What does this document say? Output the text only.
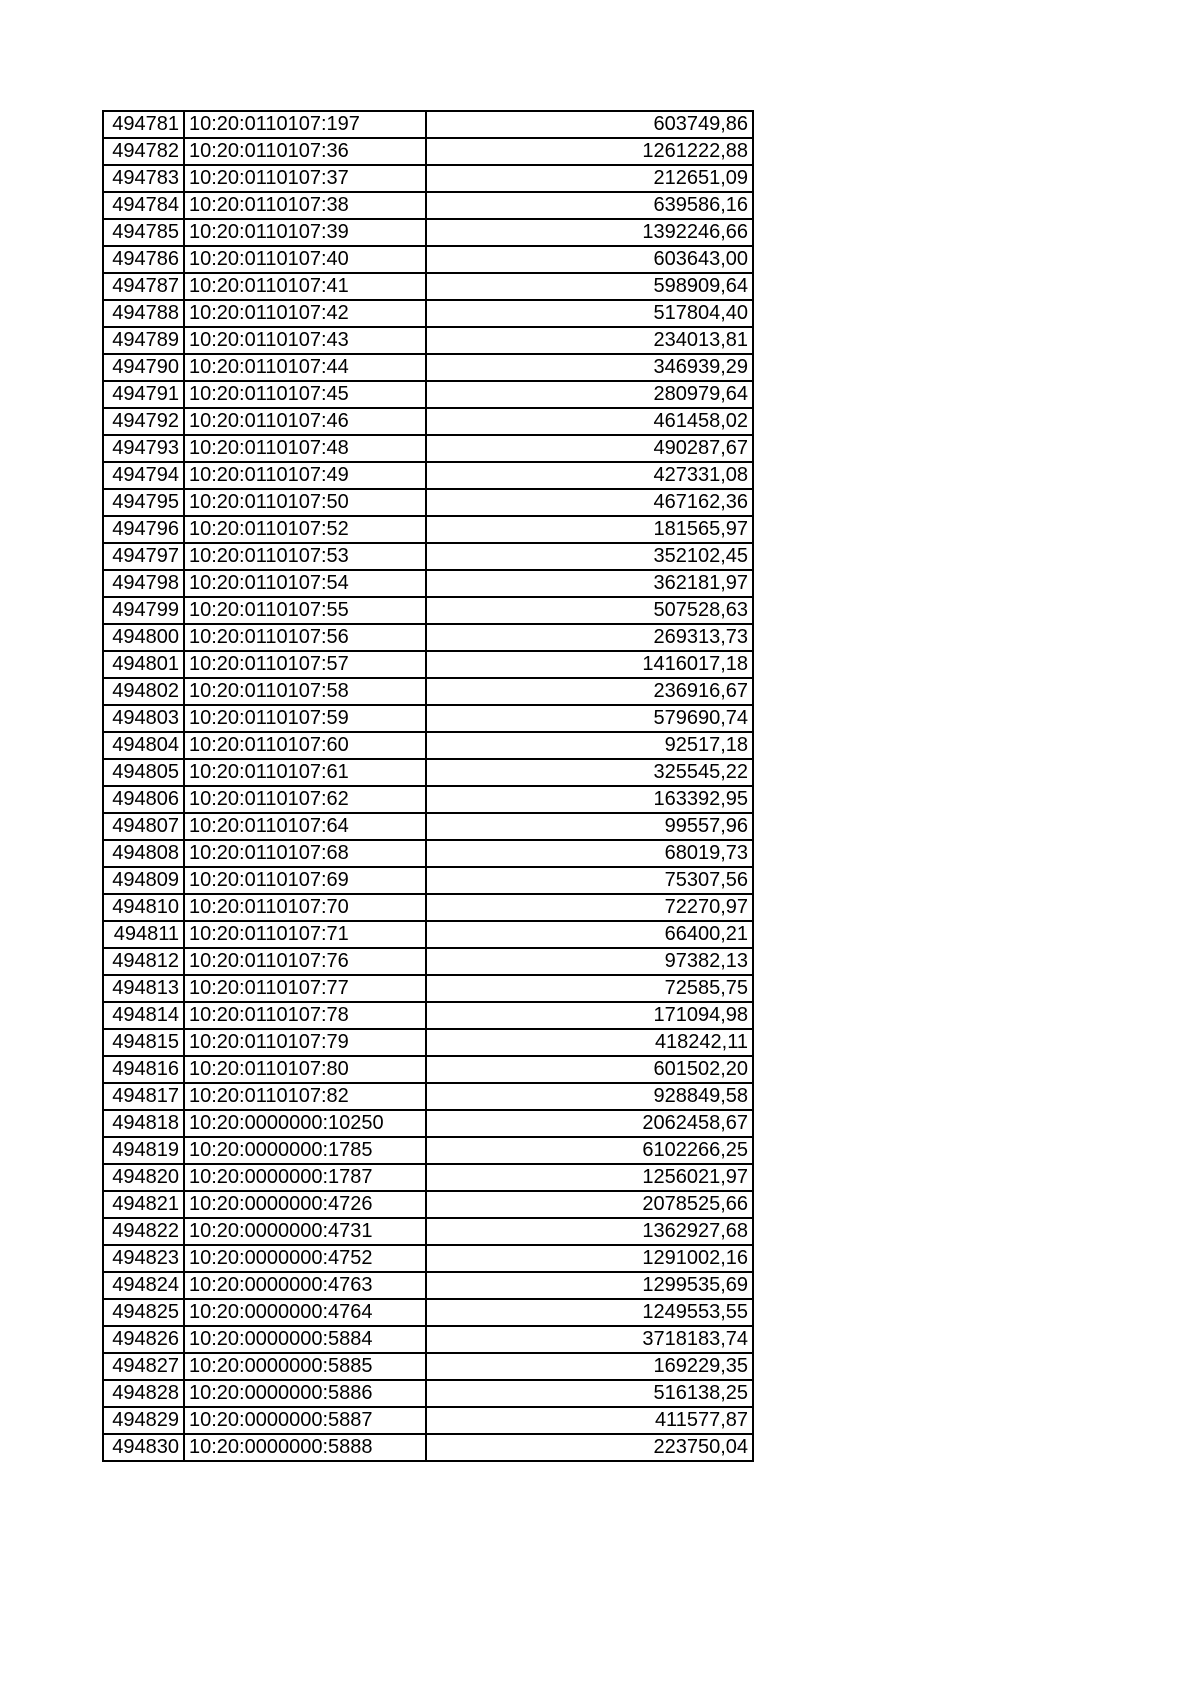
494781	10:20:0110107:197	603749,86
494782	10:20:0110107:36	1261222,88
494783	10:20:0110107:37	212651,09
494784	10:20:0110107:38	639586,16
494785	10:20:0110107:39	1392246,66
494786	10:20:0110107:40	603643,00
494787	10:20:0110107:41	598909,64
494788	10:20:0110107:42	517804,40
494789	10:20:0110107:43	234013,81
494790	10:20:0110107:44	346939,29
494791	10:20:0110107:45	280979,64
494792	10:20:0110107:46	461458,02
494793	10:20:0110107:48	490287,67
494794	10:20:0110107:49	427331,08
494795	10:20:0110107:50	467162,36
494796	10:20:0110107:52	181565,97
494797	10:20:0110107:53	352102,45
494798	10:20:0110107:54	362181,97
494799	10:20:0110107:55	507528,63
494800	10:20:0110107:56	269313,73
494801	10:20:0110107:57	1416017,18
494802	10:20:0110107:58	236916,67
494803	10:20:0110107:59	579690,74
494804	10:20:0110107:60	92517,18
494805	10:20:0110107:61	325545,22
494806	10:20:0110107:62	163392,95
494807	10:20:0110107:64	99557,96
494808	10:20:0110107:68	68019,73
494809	10:20:0110107:69	75307,56
494810	10:20:0110107:70	72270,97
494811	10:20:0110107:71	66400,21
494812	10:20:0110107:76	97382,13
494813	10:20:0110107:77	72585,75
494814	10:20:0110107:78	171094,98
494815	10:20:0110107:79	418242,11
494816	10:20:0110107:80	601502,20
494817	10:20:0110107:82	928849,58
494818	10:20:0000000:10250	2062458,67
494819	10:20:0000000:1785	6102266,25
494820	10:20:0000000:1787	1256021,97
494821	10:20:0000000:4726	2078525,66
494822	10:20:0000000:4731	1362927,68
494823	10:20:0000000:4752	1291002,16
494824	10:20:0000000:4763	1299535,69
494825	10:20:0000000:4764	1249553,55
494826	10:20:0000000:5884	3718183,74
494827	10:20:0000000:5885	169229,35
494828	10:20:0000000:5886	516138,25
494829	10:20:0000000:5887	411577,87
494830	10:20:0000000:5888	223750,04
